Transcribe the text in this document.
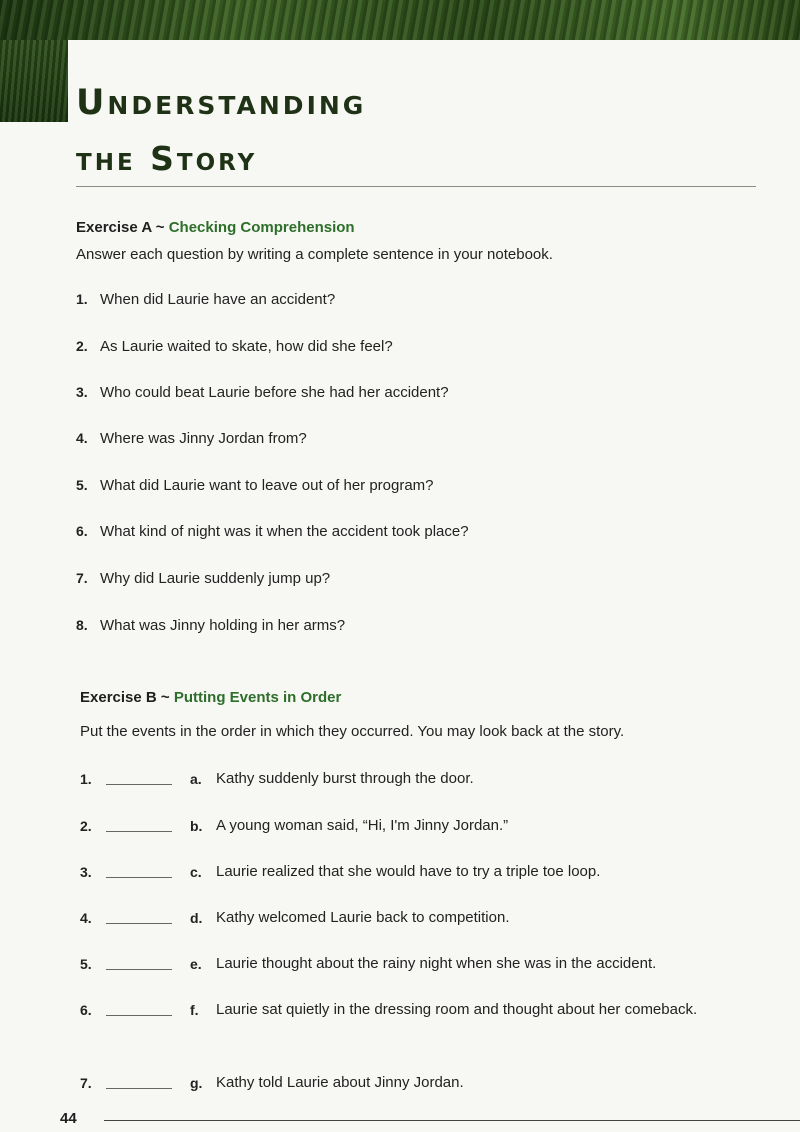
Understanding
the Story

Exercise A ~ Checking Comprehension

Answer each question by writing a complete sentence in your notebook.

1. When did Laurie have an accident?

2. As Laurie waited to skate, how did she feel?

3. Who could beat Laurie before she had her accident?

4. Where was Jinny Jordan from?

5. What did Laurie want to leave out of her program?

6. What kind of night was it when the accident took place?

7. Why did Laurie suddenly jump up?

8. What was Jinny holding in her arms?

Exercise B ~ Putting Events in Order

Put the events in the order in which they occurred. You may look back at the story.

1.	a. Kathy suddenly burst through the door.
2.	b. A young woman said, “Hi, I'm Jinny Jordan.”
3.	c. Laurie realized that she would have to try a triple toe loop.
4.	d. Kathy welcomed Laurie back to competition.
5.	e. Laurie thought about the rainy night when she was in the accident.
6.	f. Laurie sat quietly in the dressing room and thought about her comeback.
7.	g. Kathy told Laurie about Jinny Jordan.
44
